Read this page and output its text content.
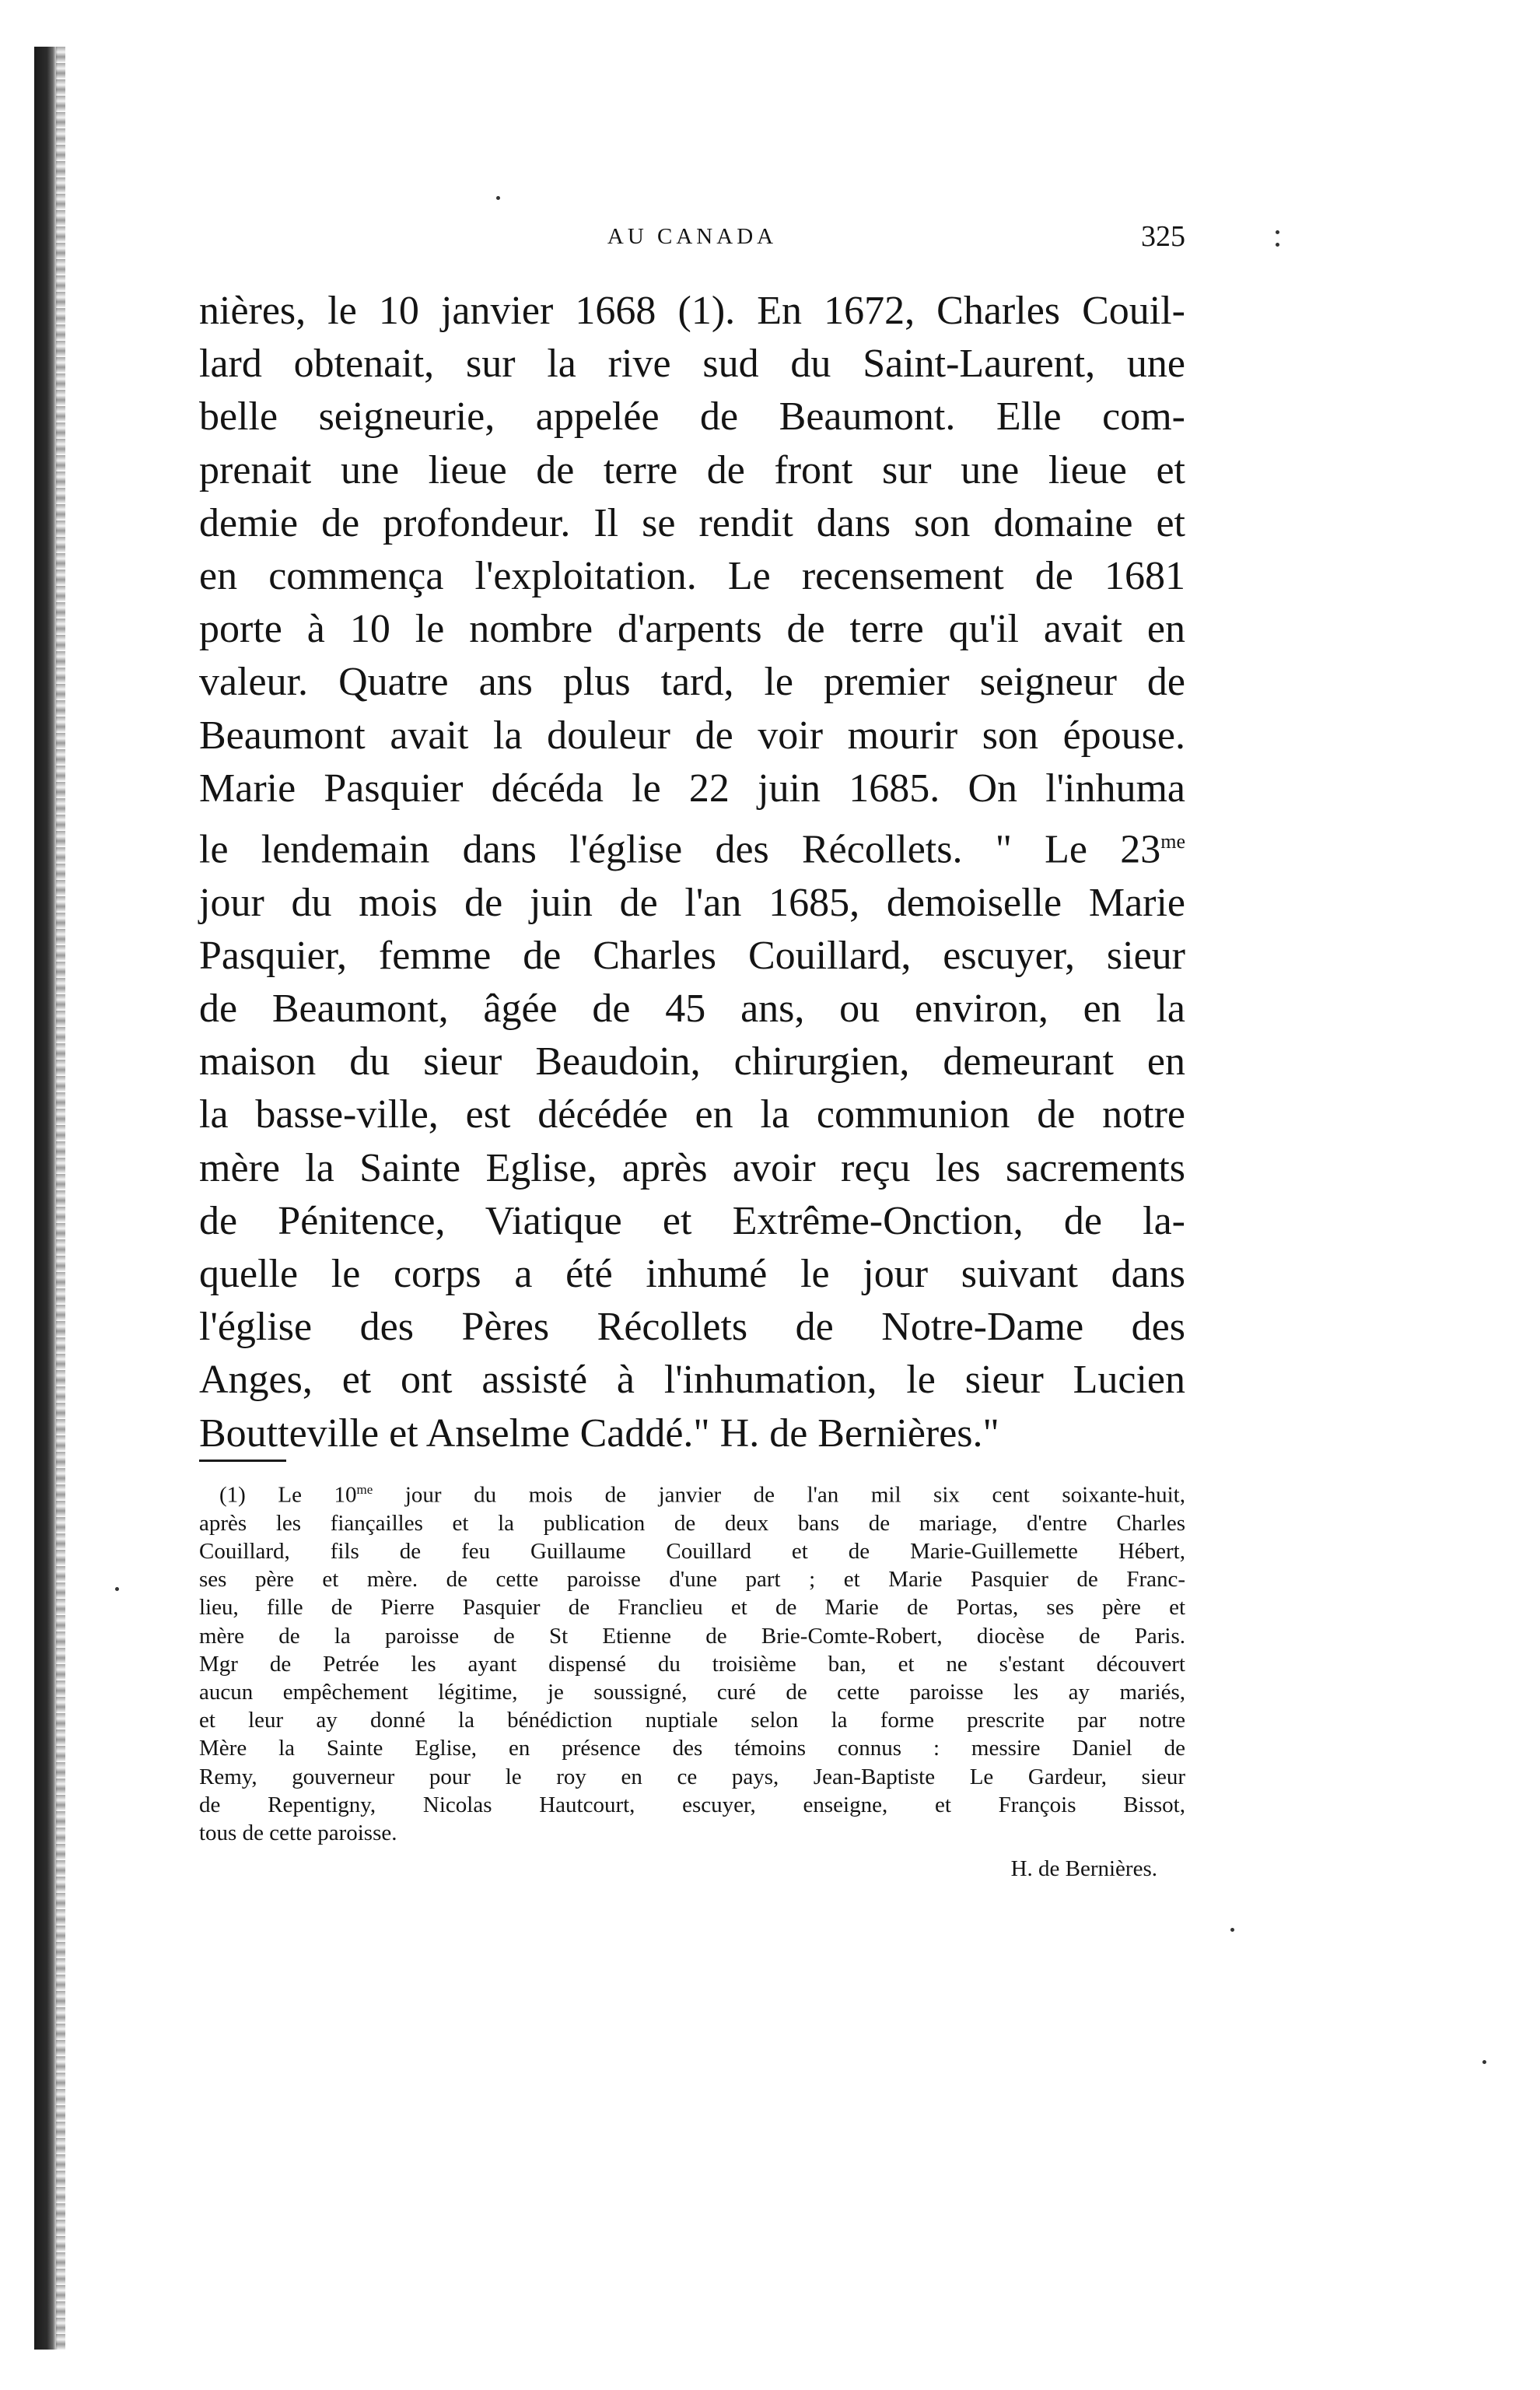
AU CANADA	325
nières, le 10 janvier 1668 (1). En 1672, Charles Couil-
lard obtenait, sur la rive sud du Saint-Laurent, une
belle seigneurie, appelée de Beaumont. Elle com-
prenait une lieue de terre de front sur une lieue et
demie de profondeur. Il se rendit dans son domaine et
en commença l'exploitation. Le recensement de 1681
porte à 10 le nombre d'arpents de terre qu'il avait en
valeur. Quatre ans plus tard, le premier seigneur de
Beaumont avait la douleur de voir mourir son épouse.
Marie Pasquier décéda le 22 juin 1685. On l'inhuma
le lendemain dans l'église des Récollets. " Le $23^{me}$
jour du mois de juin de l'an 1685, demoiselle Marie
Pasquier, femme de Charles Couillard, escuyer, sieur
de Beaumont, âgée de 45 ans, ou environ, en la
maison du sieur Beaudoin, chirurgien, demeurant en
la basse-ville, est décédée en la communion de notre
mère la Sainte Eglise, après avoir reçu les sacrements
de Pénitence, Viatique et Extrême-Onction, de la-
quelle le corps a été inhumé le jour suivant dans
l'église des Pères Récollets de Notre-Dame des
Anges, et ont assisté à l'inhumation, le sieur Lucien
Boutteville et Anselme Caddé." H. de Bernières."
(1) Le $10^{me}$ jour du mois de janvier de l'an mil six cent soixante-huit,
après les fiançailles et la publication de deux bans de mariage, d'entre Charles
Couillard, fils de feu Guillaume Couillard et de Marie-Guillemette Hébert,
ses père et mère. de cette paroisse d'une part ; et Marie Pasquier de Franc-
lieu, fille de Pierre Pasquier de Franclieu et de Marie de Portas, ses père et
mère de la paroisse de St Etienne de Brie-Comte-Robert, diocèse de Paris.
Mgr de Petrée les ayant dispensé du troisième ban, et ne s'estant découvert
aucun empêchement légitime, je soussigné, curé de cette paroisse les ay mariés,
et leur ay donné la bénédiction nuptiale selon la forme prescrite par notre
Mère la Sainte Eglise, en présence des témoins connus : messire Daniel de
Remy, gouverneur pour le roy en ce pays, Jean-Baptiste Le Gardeur, sieur
de Repentigny, Nicolas Hautcourt, escuyer, enseigne, et François Bissot,
tous de cette paroisse.
H. de Bernières.
